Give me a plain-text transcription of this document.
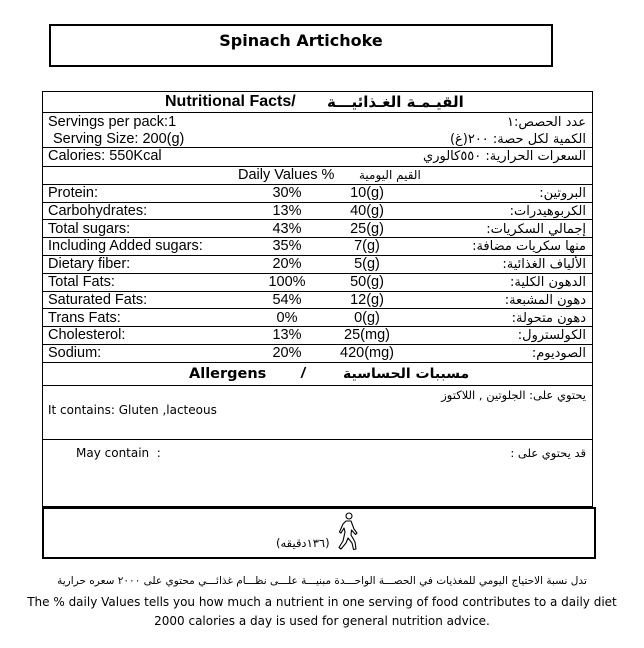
Spinach Artichoke
Nutritional Facts/ القيـمـة الغـذائيـــة
Servings per pack:1	عدد الحصص:١
Serving Size: 200(g)	الكمية لكل حصة: ٢٠٠(غ)
Calories: 550Kcal	السعرات الحرارية: ٥٥٠كالوري
Daily Values % القيم اليومية
Protein:	30%	10(g)	البروتين:
Carbohydrates:	13%	40(g)	الكربوهيدرات:
Total sugars:	43%	25(g)	إجمالي السكريات:
Including Added sugars:	35%	7(g)	منها سكريات مضافة:
Dietary fiber:	20%	5(g)	الألياف الغذائية:
Total Fats:	100%	50(g)	الدهون الكلية:
Saturated Fats:	54%	12(g)	دهون المشبعة:
Trans Fats:	0%	0(g)	دهون متحولة:
Cholesterol:	13%	25(mg)	الكولسترول:
Sodium:	20%	420(mg)	الصوديوم:
Allergens /	مسببات الحساسية
يحتوي على: الجلوتين , اللاكتوز
It contains: Gluten ,lacteous
May contain  :	قد يحتوي على :
(١٣٦دقيقه)
تدل نسبة الاحتياج اليومي للمغذيات في الحصـــة الواحـــدة مبنيـــة علـــى نظـــام غذائـــي محتوي على ٢٠٠٠ سعره حرارية
The % daily Values tells you how much a nutrient in one serving of food contributes to a daily diet
2000 calories a day is used for general nutrition advice.
